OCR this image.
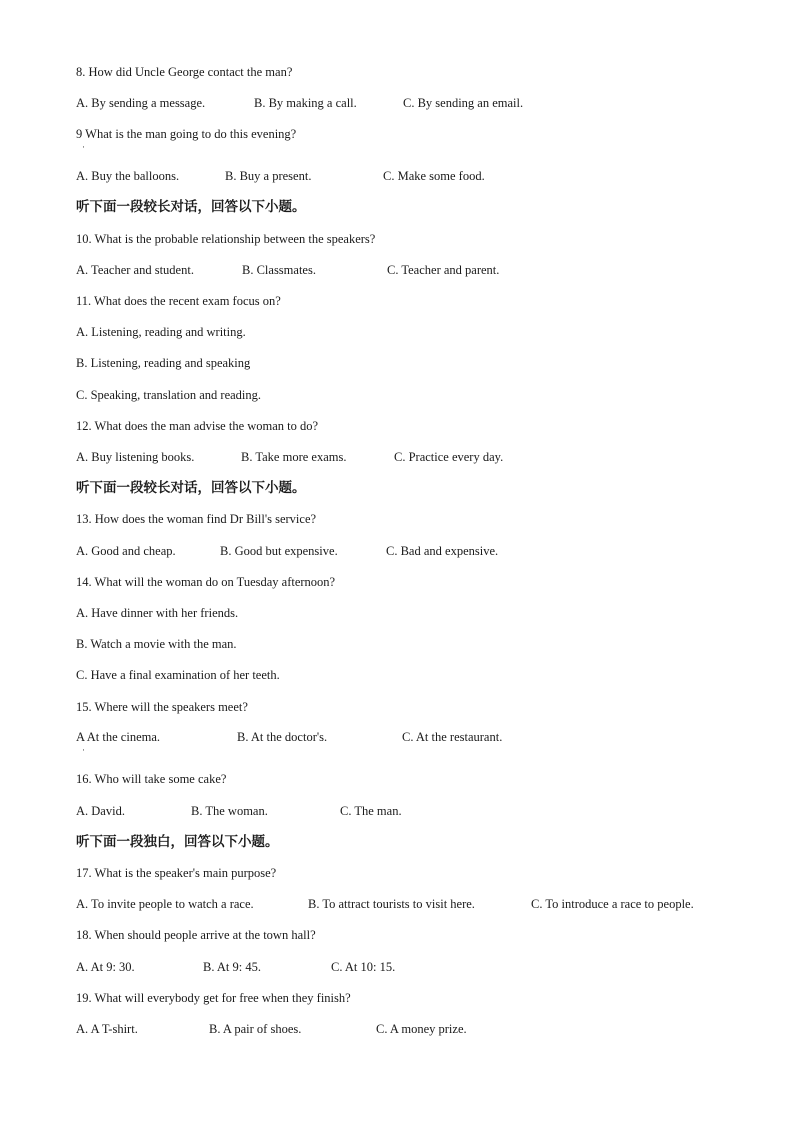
8. How did Uncle George contact the man?
A. By sending a message.	B. By making a call.	C. By sending an email.
9 What is the man going to do this evening?
·
A. Buy the balloons.	B. Buy a present.	C. Make some food.
听下面一段较长对话，回答以下小题。
10. What is the probable relationship between the speakers?
A. Teacher and student.	B. Classmates.	C. Teacher and parent.
11. What does the recent exam focus on?
A. Listening, reading and writing.
B. Listening, reading and speaking
C. Speaking, translation and reading.
12. What does the man advise the woman to do?
A. Buy listening books.	B. Take more exams.	C. Practice every day.
听下面一段较长对话，回答以下小题。
13. How does the woman find Dr Bill's service?
A. Good and cheap.	B. Good but expensive.	C. Bad and expensive.
14. What will the woman do on Tuesday afternoon?
A. Have dinner with her friends.
B. Watch a movie with the man.
C. Have a final examination of her teeth.
15. Where will the speakers meet?
A At the cinema.	B. At the doctor's.	C. At the restaurant.
·
16. Who will take some cake?
A. David.	B. The woman.	C. The man.
听下面一段独白，回答以下小题。
17. What is the speaker's main purpose?
A. To invite people to watch a race.	B. To attract tourists to visit here.	C. To introduce a race to people.
18. When should people arrive at the town hall?
A. At 9: 30.	B. At 9: 45.	C. At 10: 15.
19. What will everybody get for free when they finish?
A. A T-shirt.	B. A pair of shoes.	C. A money prize.
